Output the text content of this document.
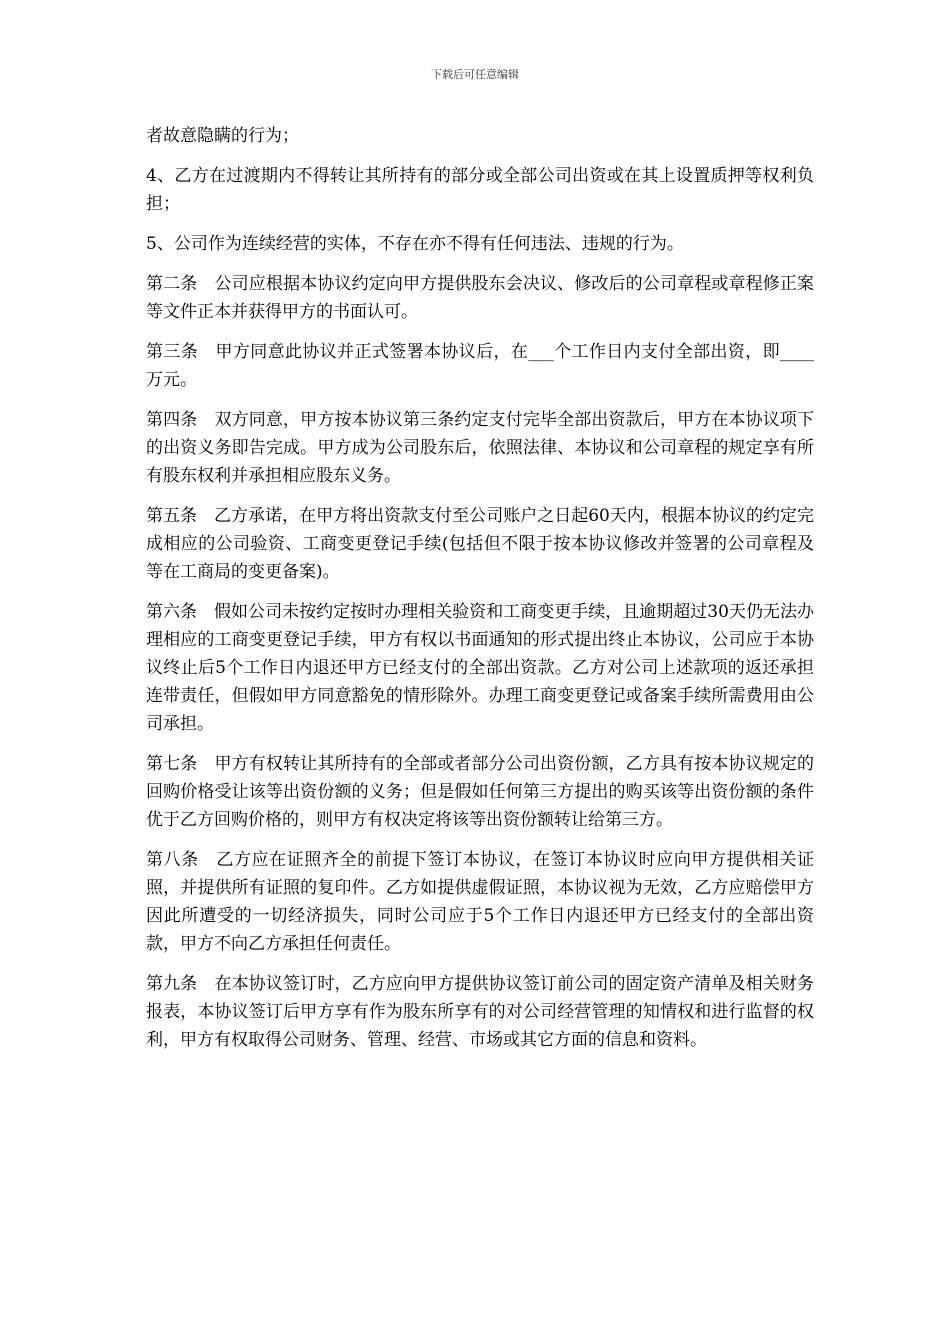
下载后可任意编辑

者故意隐瞒的行为；

4、乙方在过渡期内不得转让其所持有的部分或全部公司出资或在其上设置质押等权利负担；

5、公司作为连续经营的实体，不存在亦不得有任何违法、违规的行为。

第二条　公司应根据本协议约定向甲方提供股东会决议、修改后的公司章程或章程修正案等文件正本并获得甲方的书面认可。

第三条　甲方同意此协议并正式签署本协议后，在___个工作日内支付全部出资，即____万元。

第四条　双方同意，甲方按本协议第三条约定支付完毕全部出资款后，甲方在本协议项下的出资义务即告完成。甲方成为公司股东后，依照法律、本协议和公司章程的规定享有所有股东权利并承担相应股东义务。

第五条　乙方承诺，在甲方将出资款支付至公司账户之日起60天内，根据本协议的约定完成相应的公司验资、工商变更登记手续(包括但不限于按本协议修改并签署的公司章程及等在工商局的变更备案)。

第六条　假如公司未按约定按时办理相关验资和工商变更手续，且逾期超过30天仍无法办理相应的工商变更登记手续，甲方有权以书面通知的形式提出终止本协议，公司应于本协议终止后5个工作日内退还甲方已经支付的全部出资款。乙方对公司上述款项的返还承担连带责任，但假如甲方同意豁免的情形除外。办理工商变更登记或备案手续所需费用由公司承担。

第七条　甲方有权转让其所持有的全部或者部分公司出资份额，乙方具有按本协议规定的回购价格受让该等出资份额的义务；但是假如任何第三方提出的购买该等出资份额的条件优于乙方回购价格的，则甲方有权决定将该等出资份额转让给第三方。

第八条　乙方应在证照齐全的前提下签订本协议，在签订本协议时应向甲方提供相关证照，并提供所有证照的复印件。乙方如提供虚假证照，本协议视为无效，乙方应赔偿甲方因此所遭受的一切经济损失，同时公司应于5个工作日内退还甲方已经支付的全部出资款，甲方不向乙方承担任何责任。

第九条　在本协议签订时，乙方应向甲方提供协议签订前公司的固定资产清单及相关财务报表，本协议签订后甲方享有作为股东所享有的对公司经营管理的知情权和进行监督的权利，甲方有权取得公司财务、管理、经营、市场或其它方面的信息和资料。
